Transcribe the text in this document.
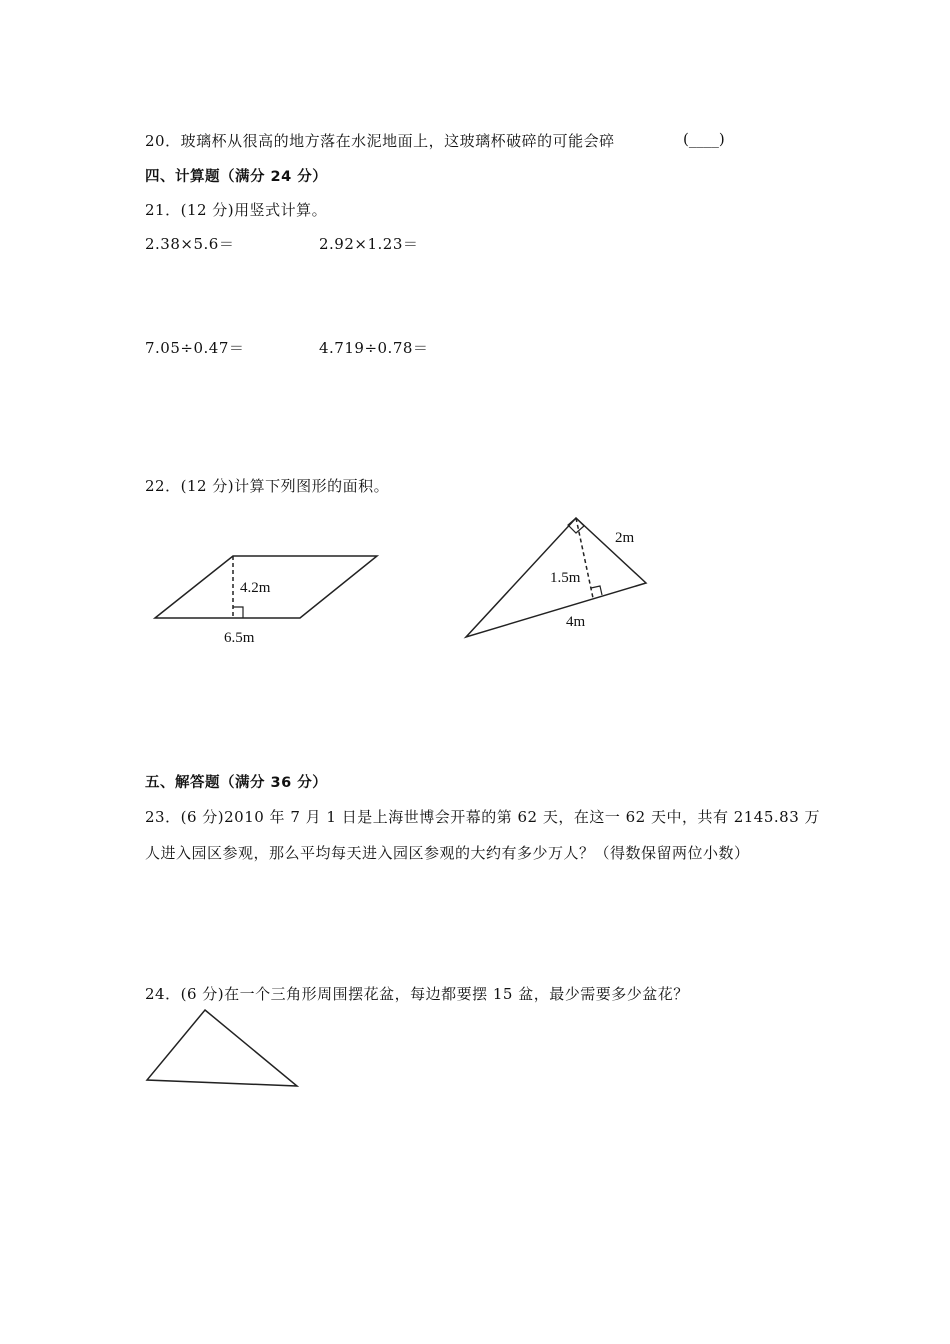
20．玻璃杯从很高的地方落在水泥地面上，这玻璃杯破碎的可能会碎	(____)
四、计算题（满分 24 分）
21．(12 分)用竖式计算。
2.38×5.6＝	2.92×1.23＝
7.05÷0.47＝	4.719÷0.78＝
22．(12 分)计算下列图形的面积。
4.2m
6.5m
2m
1.5m
4m
五、解答题（满分 36 分）
23．(6 分)2010 年 7 月 1 日是上海世博会开幕的第 62 天，在这一 62 天中，共有 2145.83 万
人进入园区参观，那么平均每天进入园区参观的大约有多少万人？（得数保留两位小数）
24．(6 分)在一个三角形周围摆花盆，每边都要摆 15 盆，最少需要多少盆花？
